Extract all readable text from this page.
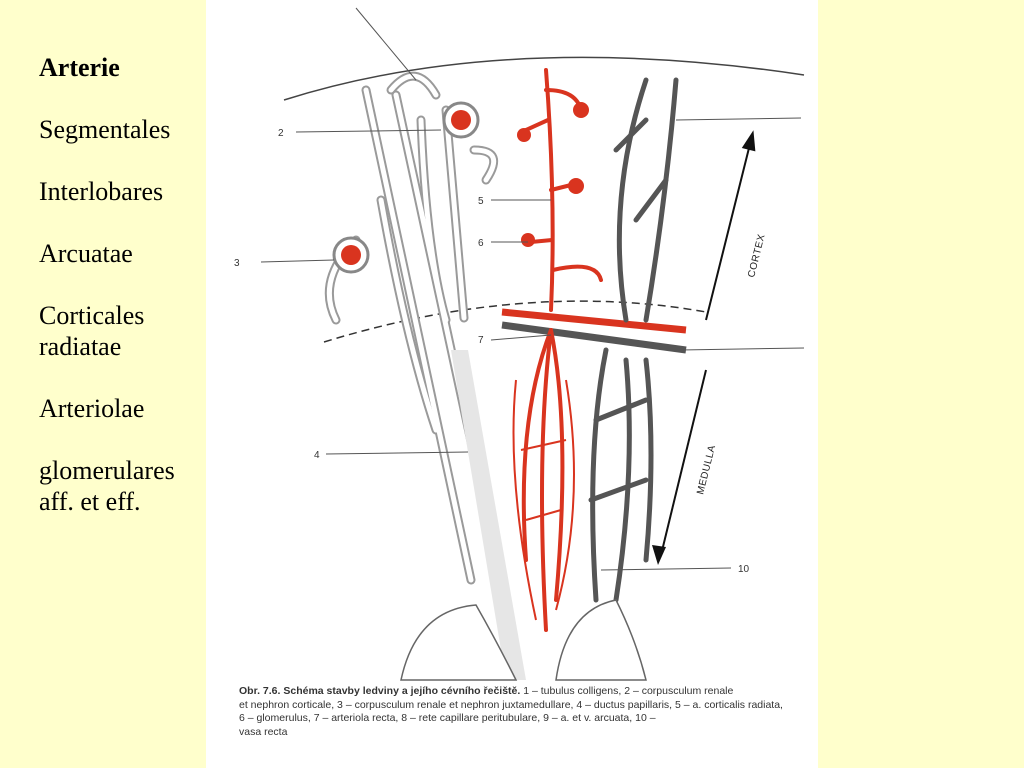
Arterie
Segmentales
Interlobares
Arcuatae
Corticales
radiatae
Arteriolae
glomerulares
aff. et eff.
2
3
4
5
6
7
10
CORTEX
MEDULLA
Obr. 7.6. Schéma stavby ledviny a jejího cévního řečiště. 1 – tubulus colligens, 2 – corpusculum renale
et nephron corticale, 3 – corpusculum renale et nephron juxtamedullare, 4 – ductus papillaris, 5 – a. corticalis radiata,
6 – glomerulus, 7 – arteriola recta, 8 – rete capillare peritubulare, 9 – a. et v. arcuata, 10 –
vasa recta
